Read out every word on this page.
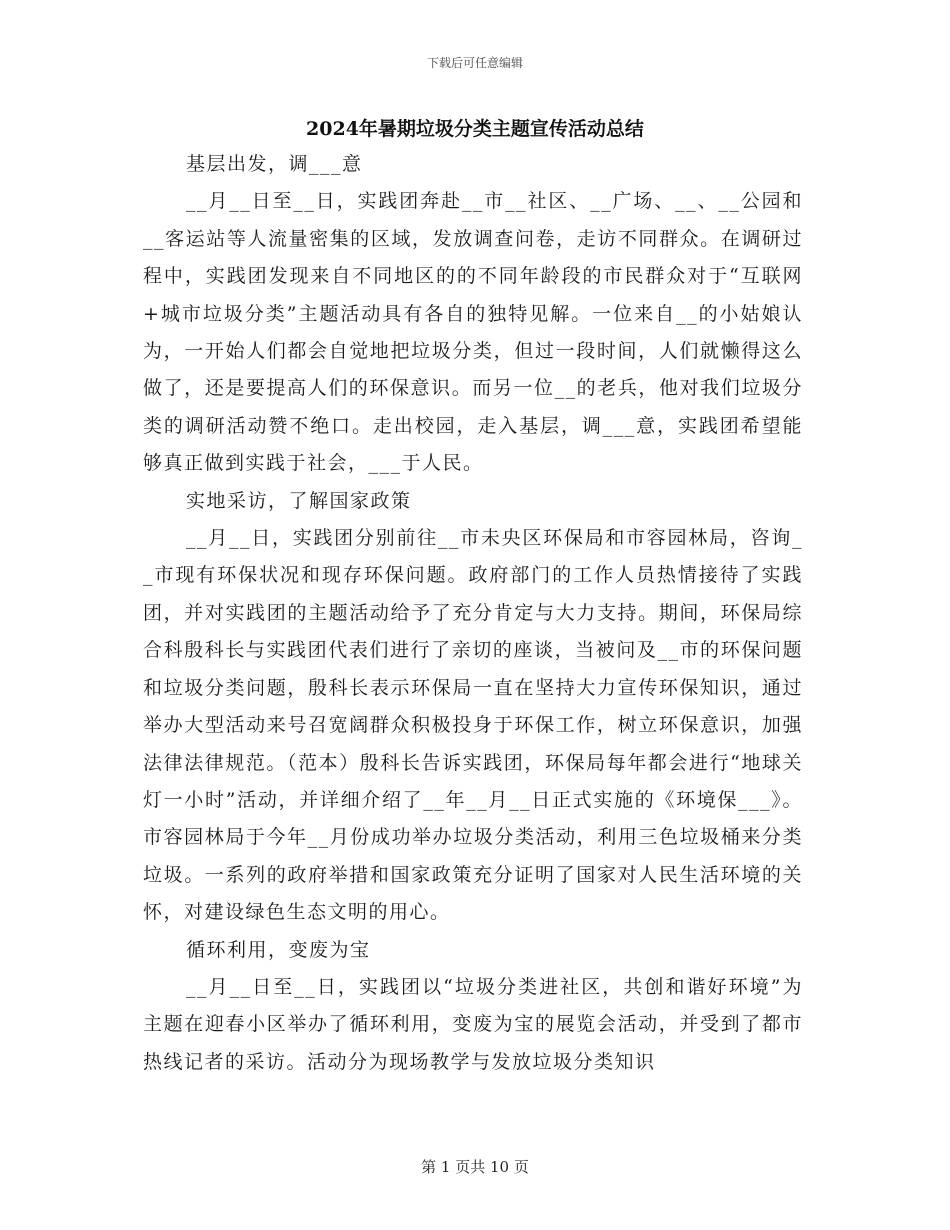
下载后可任意编辑
2024年暑期垃圾分类主题宣传活动总结

基层出发，调___意

__月__日至__日，实践团奔赴__市__社区、__广场、__、__公园和__客运站等人流量密集的区域，发放调查问卷，走访不同群众。在调研过程中，实践团发现来自不同地区的的不同年龄段的市民群众对于“互联网+城市垃圾分类”主题活动具有各自的独特见解。一位来自__的小姑娘认为，一开始人们都会自觉地把垃圾分类，但过一段时间，人们就懒得这么做了，还是要提高人们的环保意识。而另一位__的老兵，他对我们垃圾分类的调研活动赞不绝口。走出校园，走入基层，调___意，实践团希望能够真正做到实践于社会，___于人民。

实地采访，了解国家政策

__月__日，实践团分别前往__市未央区环保局和市容园林局，咨询__市现有环保状况和现存环保问题。政府部门的工作人员热情接待了实践团，并对实践团的主题活动给予了充分肯定与大力支持。期间，环保局综合科殷科长与实践团代表们进行了亲切的座谈，当被问及__市的环保问题和垃圾分类问题，殷科长表示环保局一直在坚持大力宣传环保知识，通过举办大型活动来号召宽阔群众积极投身于环保工作，树立环保意识，加强法律法律规范。（范本）殷科长告诉实践团，环保局每年都会进行“地球关灯一小时”活动，并详细介绍了__年__月__日正式实施的《环境保___》。市容园林局于今年__月份成功举办垃圾分类活动，利用三色垃圾桶来分类垃圾。一系列的政府举措和国家政策充分证明了国家对人民生活环境的关怀，对建设绿色生态文明的用心。

循环利用，变废为宝

__月__日至__日，实践团以“垃圾分类进社区，共创和谐好环境”为主题在迎春小区举办了循环利用，变废为宝的展览会活动，并受到了都市热线记者的采访。活动分为现场教学与发放垃圾分类知识

第 1 页共 10 页
